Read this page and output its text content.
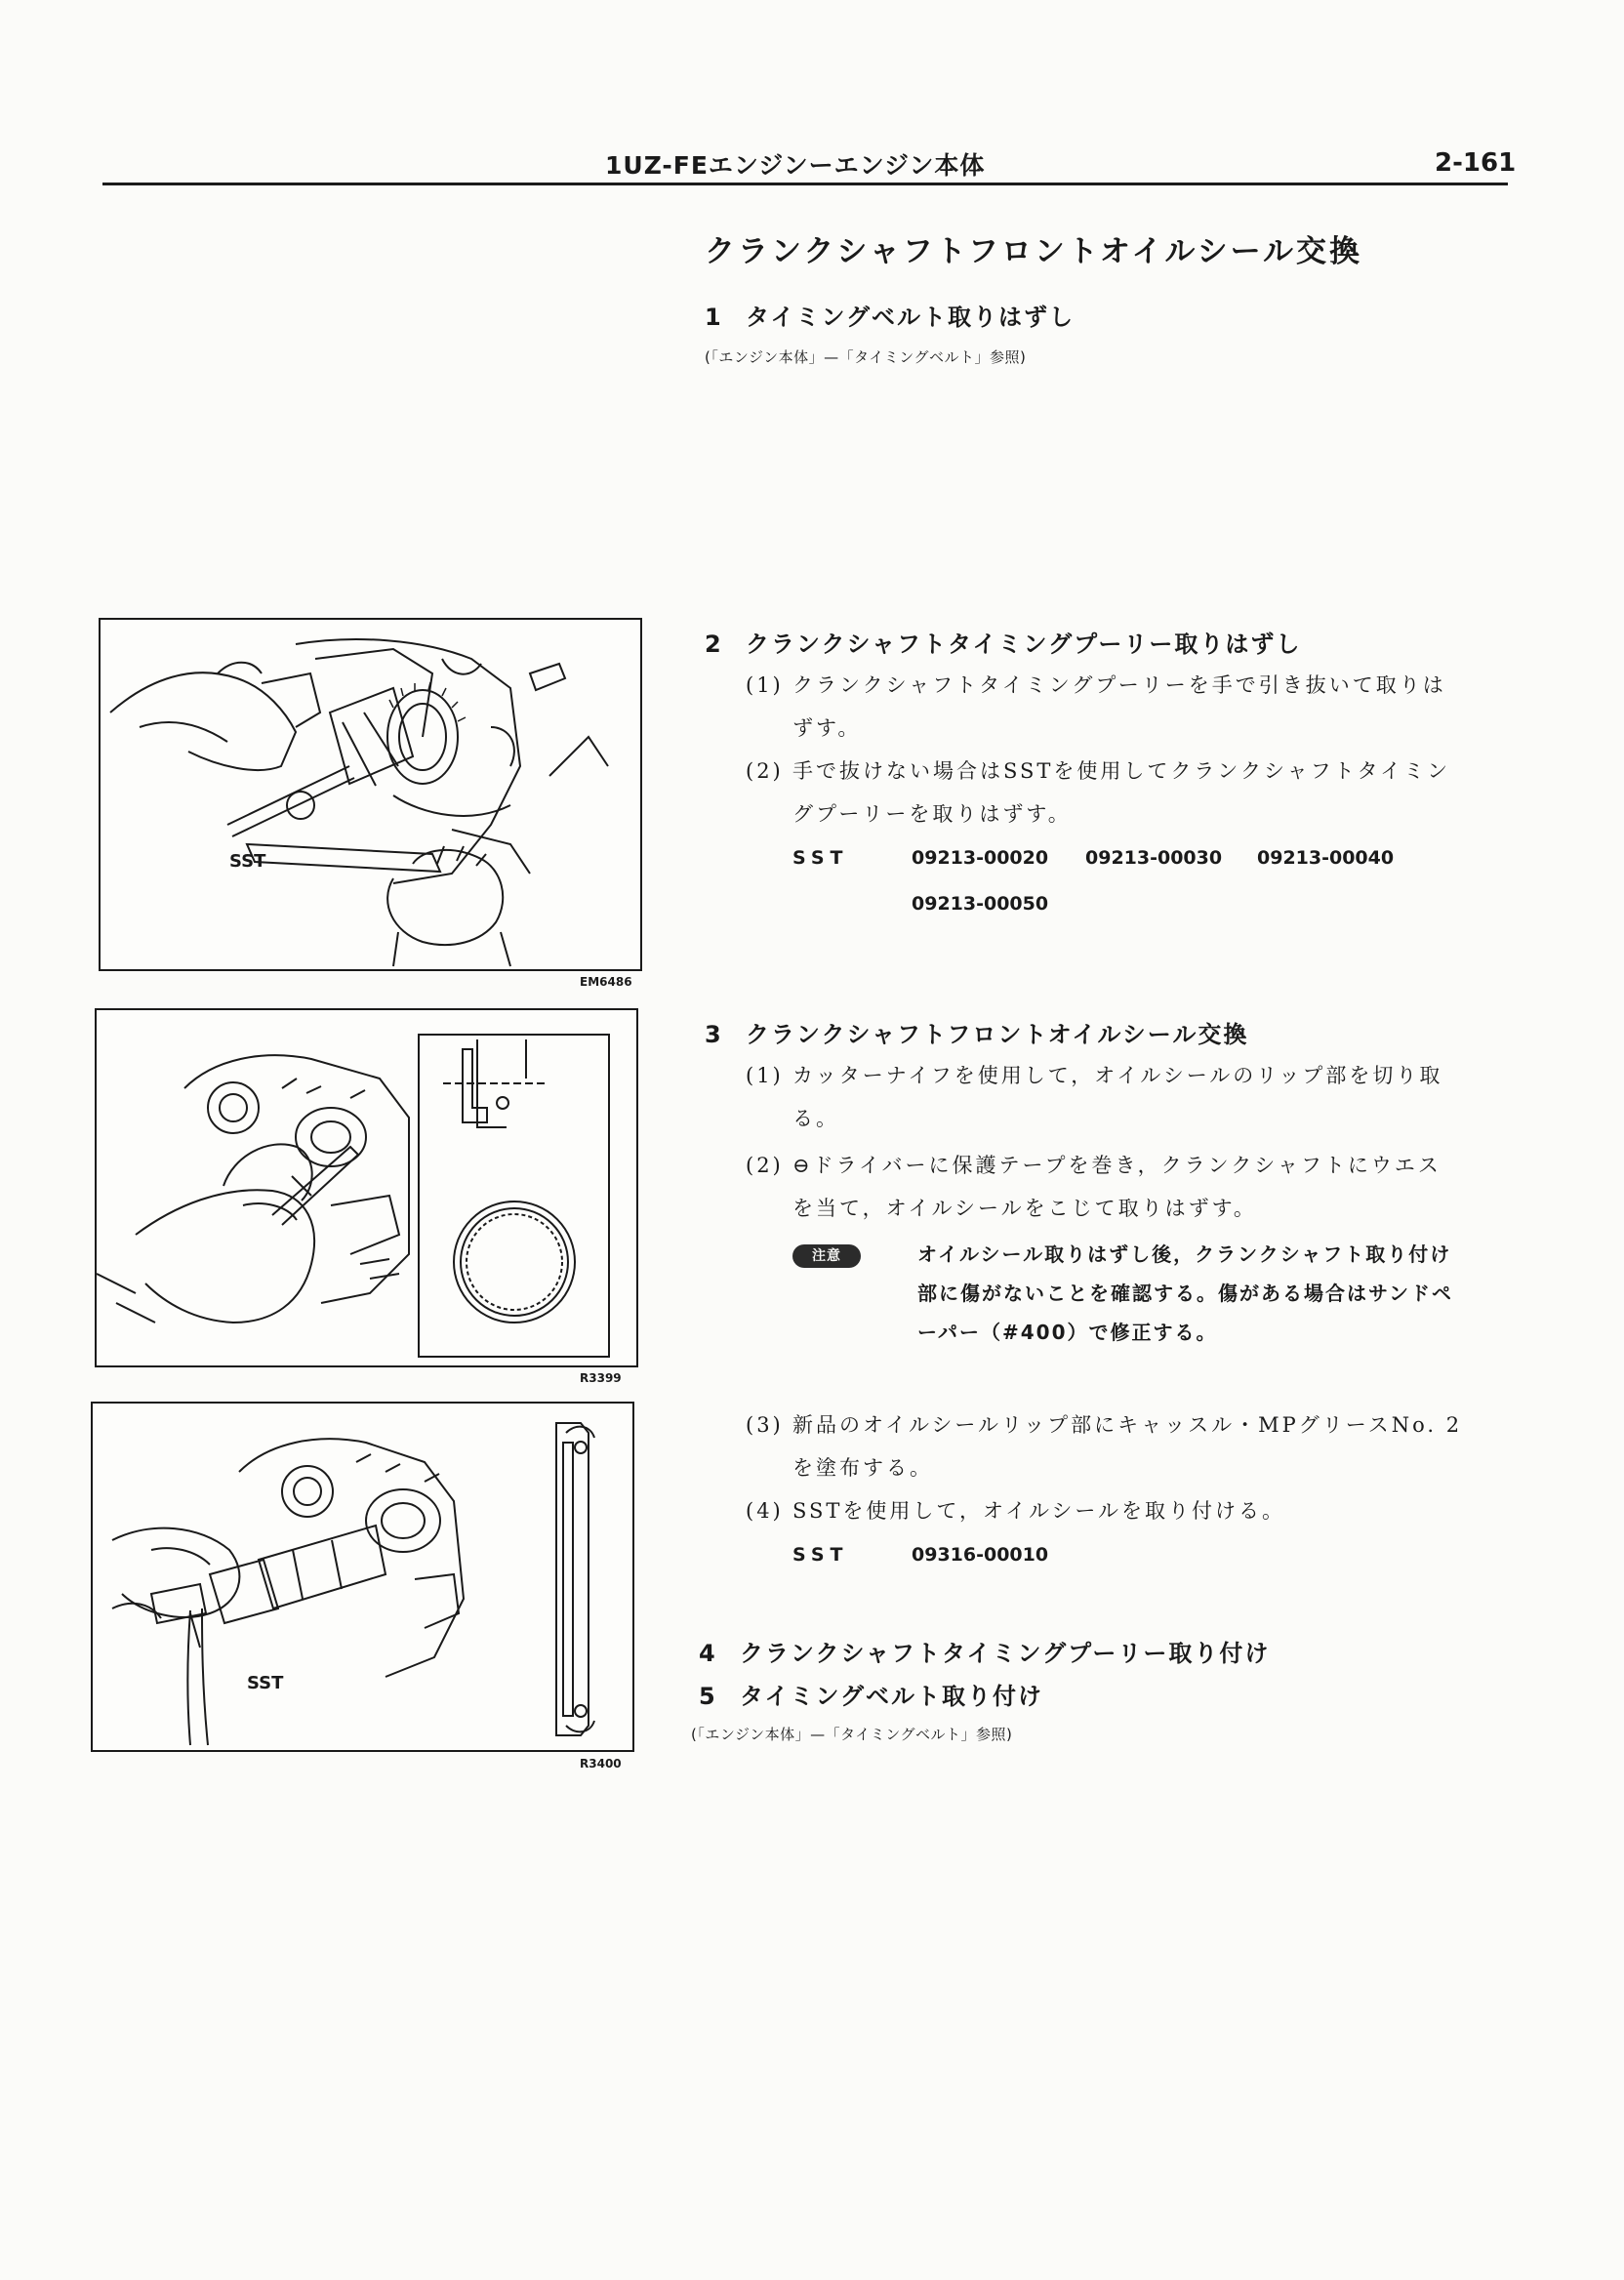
1UZ-FEエンジンーエンジン本体	2-161
クランクシャフトフロントオイルシール交換
1 タイミングベルト取りはずし
(「エンジン本体」—「タイミングベルト」参照)
SST
EM6486
2 クランクシャフトタイミングプーリー取りはずし
(1) クランクシャフトタイミングプーリーを手で引き抜いて取りは
ずす。
(2) 手で抜けない場合はSSTを使用してクランクシャフトタイミン
グプーリーを取りはずす。
SST	09213-00020 09213-00030 09213-00040
09213-00050
R3399
3 クランクシャフトフロントオイルシール交換
(1) カッターナイフを使用して，オイルシールのリップ部を切り取
る。
(2) ⊖ドライバーに保護テープを巻き，クランクシャフトにウエス
を当て，オイルシールをこじて取りはずす。
注意	オイルシール取りはずし後，クランクシャフト取り付け
部に傷がないことを確認する。傷がある場合はサンドペ
ーパー（#400）で修正する。
SST
R3400
(3) 新品のオイルシールリップ部にキャッスル・MPグリースNo. 2
を塗布する。
(4) SSTを使用して，オイルシールを取り付ける。
SST	09316-00010
4 クランクシャフトタイミングプーリー取り付け
5 タイミングベルト取り付け
(「エンジン本体」—「タイミングベルト」参照)
